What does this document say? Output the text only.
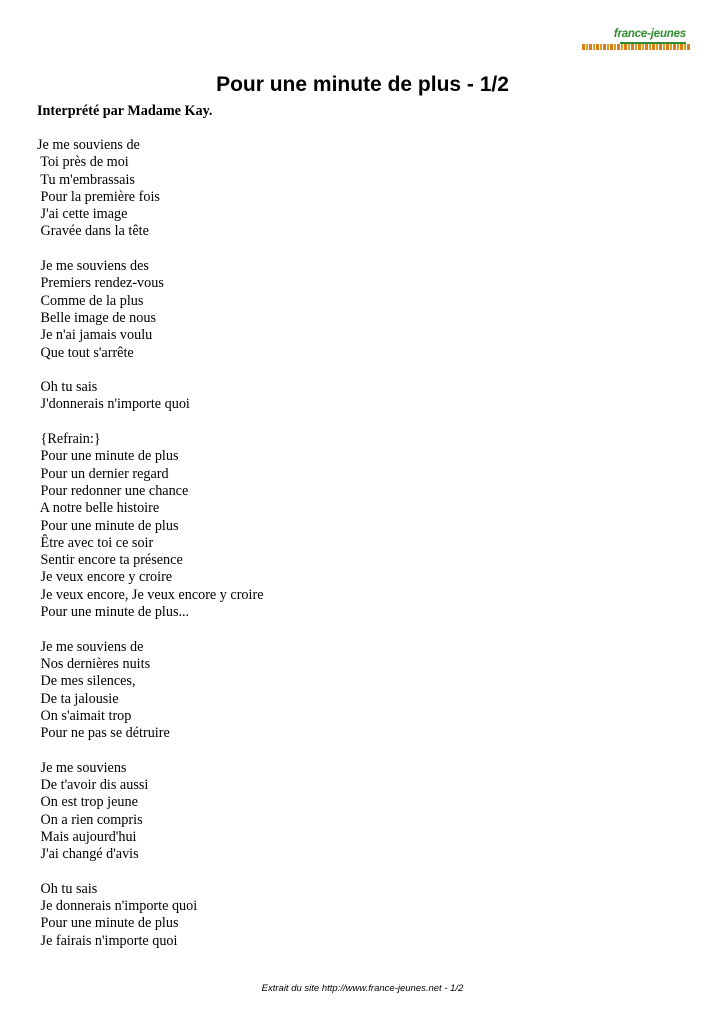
france-jeunes
Pour une minute de plus - 1/2

Interprété par Madame Kay.

Je me souviens de
Toi près de moi
Tu m'embrassais
Pour la première fois
J'ai cette image
Gravée dans la tête
Je me souviens des
Premiers rendez-vous
Comme de la plus
Belle image de nous
Je n'ai jamais voulu
Que tout s'arrête
Oh tu sais
J'donnerais n'importe quoi
{Refrain:}
Pour une minute de plus
Pour un dernier regard
Pour redonner une chance
A notre belle histoire
Pour une minute de plus
Être avec toi ce soir
Sentir encore ta présence
Je veux encore y croire
Je veux encore, Je veux encore y croire
Pour une minute de plus...
Je me souviens de
Nos dernières nuits
De mes silences,
De ta jalousie
On s'aimait trop
Pour ne pas se détruire
Je me souviens
De t'avoir dis aussi
On est trop jeune
On a rien compris
Mais aujourd'hui
J'ai changé d'avis
Oh tu sais
Je donnerais n'importe quoi
Pour une minute de plus
Je fairais n'importe quoi
Extrait du site http://www.france-jeunes.net - 1/2
